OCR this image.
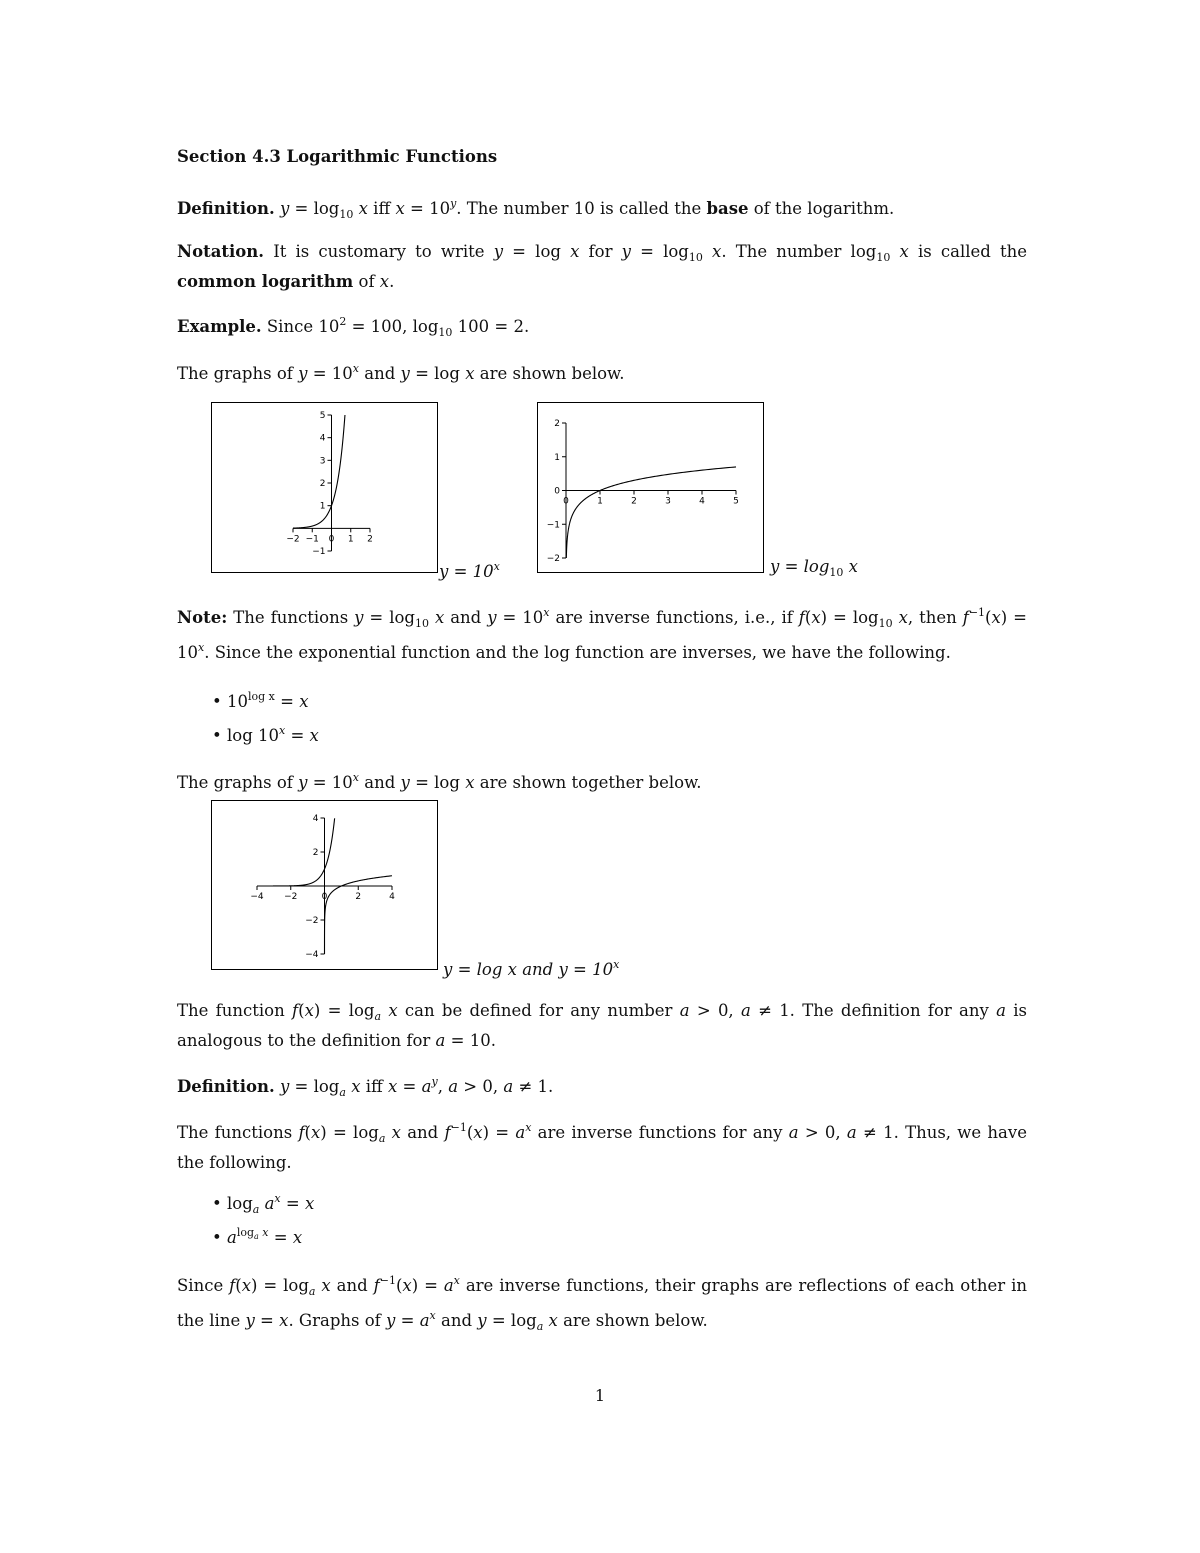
Section 4.3 Logarithmic Functions

Definition. $y = \log_{10} x$ iff $x = 10^y$. The number 10 is called the base of the logarithm.

Notation. It is customary to write y = log x for $y = \log_{10} x$. The number $\log_{10} x$ is called the common logarithm of x.

Example. Since $10^2 = 100$, $\log_{10} 100 = 2$.

The graphs of $y = 10^x$ and y = log x are shown below.

−2 −1 0 1 2
−1
1
2
3
4
5
$y = 10^x$
0	1	2	3	4	5
−2
−1
0
1
2
$y = \log_{10} x$

Note: The functions $y = \log_{10} x$ and $y = 10^x$ are inverse functions, i.e., if $f(x) = \log_{10} x$, then $f^{-1}(x) = 10^x$. Since the exponential function and the log function are inverses, we have the following.

• $10^{log x} = x$

• $\log 10^x = x$

The graphs of $y = 10^x$ and y = log x are shown together below.

−4 −2	0	2	4
−4
−2
2
4
y = log x and $y = 10^x$

The function $f(x) = \log_a x$ can be defined for any number a > 0, a ≠ 1. The definition for any a is analogous to the definition for a = 10.

Definition. $y = \log_a x$ iff $x = a^y$, a > 0, a ≠ 1.

The functions $f(x) = \log_a x$ and $f^{-1}(x) = a^x$ are inverse functions for any a > 0, a ≠ 1. Thus, we have the following.

• $\log_a a^x = x$

• $a^{loga}$ $^x$ = x

Since $f(x) = \log_a x$ and $f^{-1}(x) = a^x$ are inverse functions, their graphs are reflections of each other in the line y = x. Graphs of $y = a^x$ and $y = \log_a x$ are shown below.

1
